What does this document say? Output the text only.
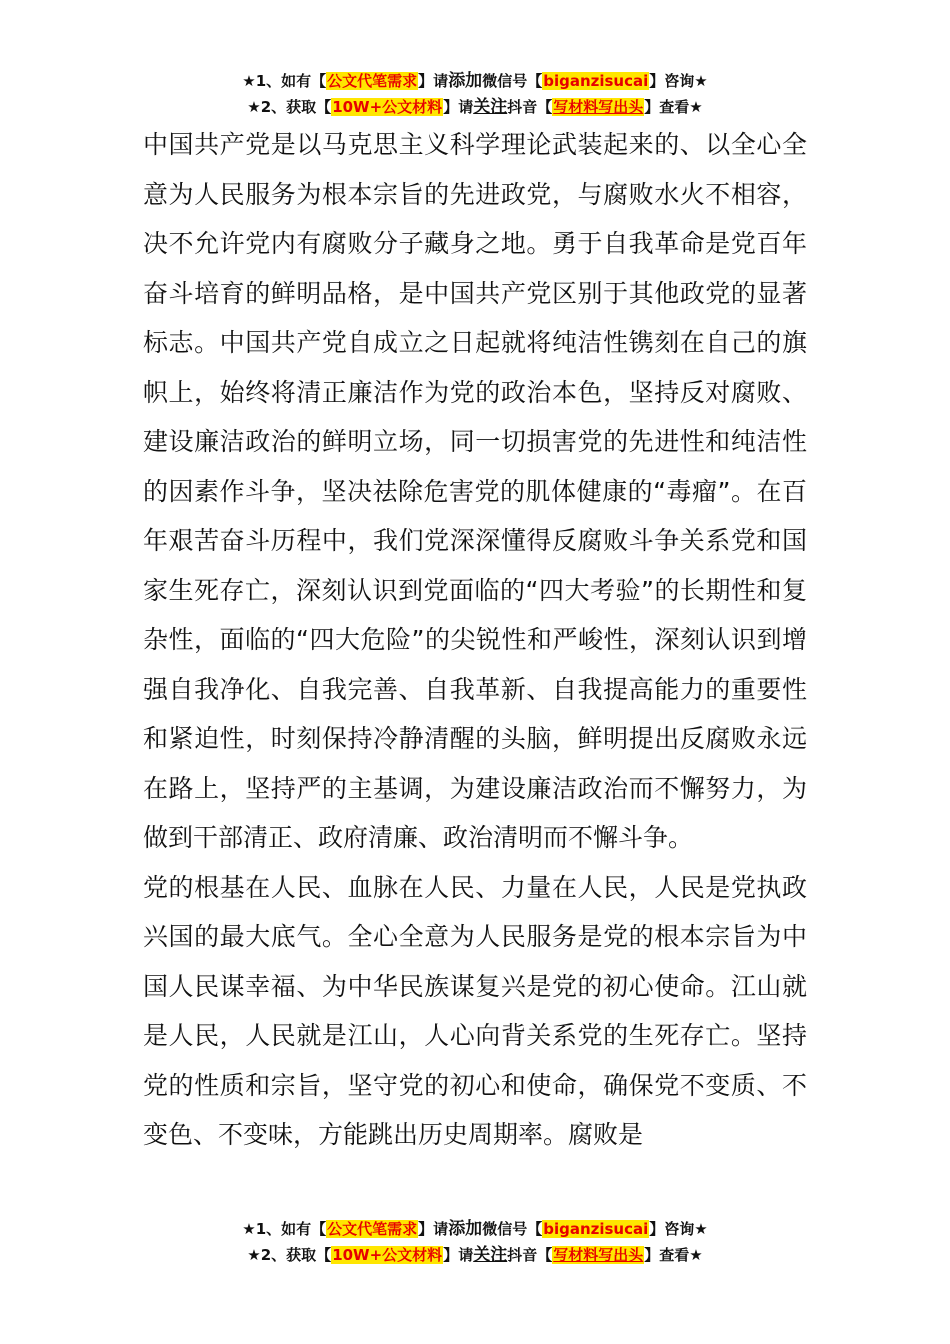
★1、如有【公文代笔需求】请添加微信号【biganzisucai】咨询★
★2、获取【10W+公文材料】请关注抖音【写材料写出头】查看★

中国共产党是以马克思主义科学理论武装起来的、以全心全意为人民服务为根本宗旨的先进政党，与腐败水火不相容，决不允许党内有腐败分子藏身之地。勇于自我革命是党百年奋斗培育的鲜明品格，是中国共产党区别于其他政党的显著标志。中国共产党自成立之日起就将纯洁性镌刻在自己的旗帜上，始终将清正廉洁作为党的政治本色，坚持反对腐败、建设廉洁政治的鲜明立场，同一切损害党的先进性和纯洁性的因素作斗争，坚决祛除危害党的肌体健康的“毒瘤”。在百年艰苦奋斗历程中，我们党深深懂得反腐败斗争关系党和国家生死存亡，深刻认识到党面临的“四大考验”的长期性和复杂性，面临的“四大危险”的尖锐性和严峻性，深刻认识到增强自我净化、自我完善、自我革新、自我提高能力的重要性和紧迫性，时刻保持冷静清醒的头脑，鲜明提出反腐败永远在路上，坚持严的主基调，为建设廉洁政治而不懈努力，为做到干部清正、政府清廉、政治清明而不懈斗争。

党的根基在人民、血脉在人民、力量在人民，人民是党执政兴国的最大底气。全心全意为人民服务是党的根本宗旨为中国人民谋幸福、为中华民族谋复兴是党的初心使命。江山就是人民，人民就是江山，人心向背关系党的生死存亡。坚持党的性质和宗旨，坚守党的初心和使命，确保党不变质、不变色、不变味，方能跳出历史周期率。腐败是

★1、如有【公文代笔需求】请添加微信号【biganzisucai】咨询★
★2、获取【10W+公文材料】请关注抖音【写材料写出头】查看★
